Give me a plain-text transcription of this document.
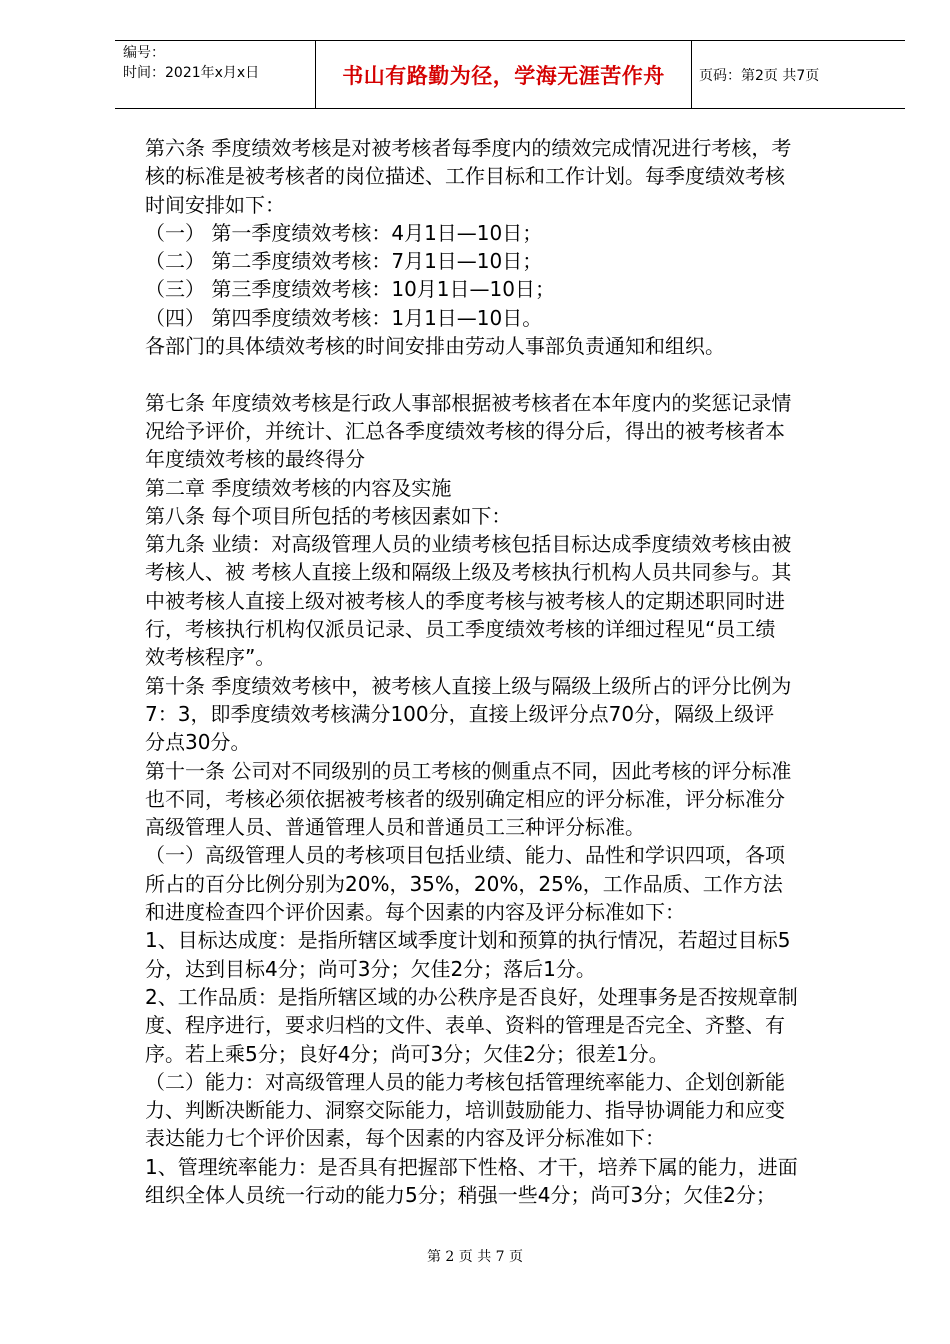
编号：
时间：2021年x月x日	书山有路勤为径，学海无涯苦作舟 页码：第2页 共7页

第六条 季度绩效考核是对被考核者每季度内的绩效完成情况进行考核，考

核的标准是被考核者的岗位描述、工作目标和工作计划。每季度绩效考核

时间安排如下：

（一） 第一季度绩效考核：4月1日—10日；

（二） 第二季度绩效考核：7月1日—10日；

（三） 第三季度绩效考核：10月1日—10日；

（四） 第四季度绩效考核：1月1日—10日。

各部门的具体绩效考核的时间安排由劳动人事部负责通知和组织。

第七条 年度绩效考核是行政人事部根据被考核者在本年度内的奖惩记录情

况给予评价，并统计、汇总各季度绩效考核的得分后，得出的被考核者本

年度绩效考核的最终得分

第二章 季度绩效考核的内容及实施

第八条 每个项目所包括的考核因素如下：

第九条 业绩：对高级管理人员的业绩考核包括目标达成季度绩效考核由被

考核人、被 考核人直接上级和隔级上级及考核执行机构人员共同参与。其

中被考核人直接上级对被考核人的季度考核与被考核人的定期述职同时进

行，考核执行机构仅派员记录、员工季度绩效考核的详细过程见“员工绩

效考核程序”。

第十条 季度绩效考核中，被考核人直接上级与隔级上级所占的评分比例为

7：3，即季度绩效考核满分100分，直接上级评分点70分，隔级上级评

分点30分。

第十一条 公司对不同级别的员工考核的侧重点不同，因此考核的评分标准

也不同，考核必须依据被考核者的级别确定相应的评分标准，评分标准分

高级管理人员、普通管理人员和普通员工三种评分标准。

（一）高级管理人员的考核项目包括业绩、能力、品性和学识四项，各项

所占的百分比例分别为20%，35%，20%，25%，工作品质、工作方法

和进度检查四个评价因素。每个因素的内容及评分标准如下：

1、目标达成度：是指所辖区域季度计划和预算的执行情况，若超过目标5

分，达到目标4分；尚可3分；欠佳2分；落后1分。

2、工作品质：是指所辖区域的办公秩序是否良好，处理事务是否按规章制

度、程序进行，要求归档的文件、表单、资料的管理是否完全、齐整、有

序。若上乘5分；良好4分；尚可3分；欠佳2分；很差1分。

（二）能力：对高级管理人员的能力考核包括管理统率能力、企划创新能

力、判断决断能力、洞察交际能力，培训鼓励能力、指导协调能力和应变

表达能力七个评价因素，每个因素的内容及评分标准如下：

1、管理统率能力：是否具有把握部下性格、才干，培养下属的能力，进面

组织全体人员统一行动的能力5分；稍强一些4分；尚可3分；欠佳2分；

第 2 页 共 7 页
